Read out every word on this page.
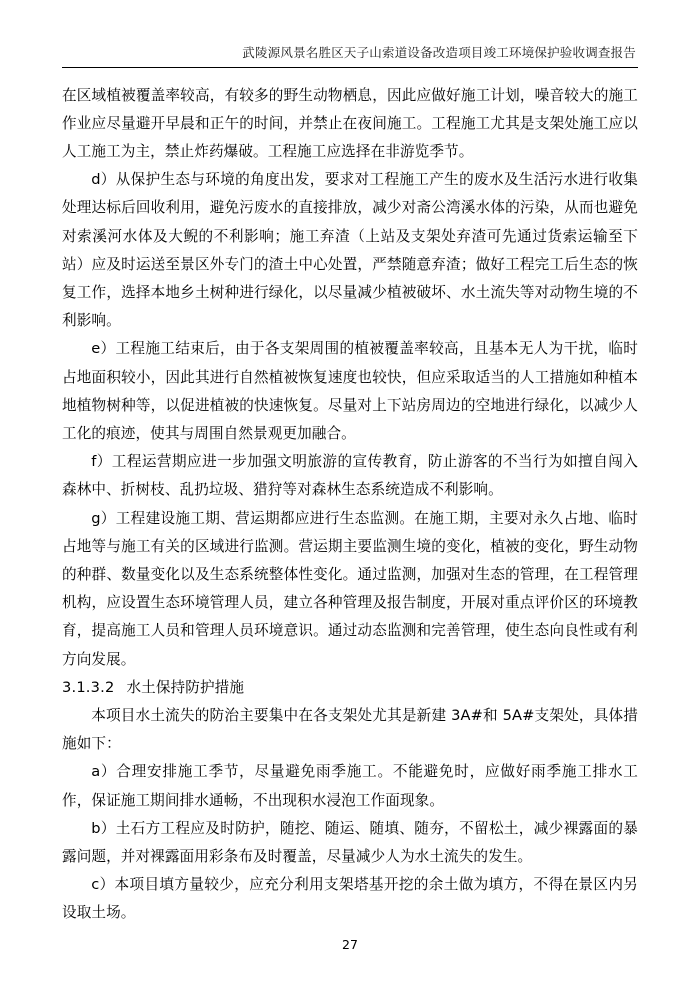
武陵源风景名胜区天子山索道设备改造项目竣工环境保护验收调查报告

在区域植被覆盖率较高，有较多的野生动物栖息，因此应做好施工计划，噪音较大的施工作业应尽量避开早晨和正午的时间，并禁止在夜间施工。工程施工尤其是支架处施工应以人工施工为主，禁止炸药爆破。工程施工应选择在非游览季节。

d）从保护生态与环境的角度出发，要求对工程施工产生的废水及生活污水进行收集处理达标后回收利用，避免污废水的直接排放，减少对斋公湾溪水体的污染，从而也避免对索溪河水体及大鲵的不利影响；施工弃渣（上站及支架处弃渣可先通过货索运输至下站）应及时运送至景区外专门的渣土中心处置，严禁随意弃渣；做好工程完工后生态的恢复工作，选择本地乡土树种进行绿化，以尽量减少植被破坏、水土流失等对动物生境的不利影响。

e）工程施工结束后，由于各支架周围的植被覆盖率较高，且基本无人为干扰，临时占地面积较小，因此其进行自然植被恢复速度也较快，但应采取适当的人工措施如种植本地植物树种等，以促进植被的快速恢复。尽量对上下站房周边的空地进行绿化，以减少人工化的痕迹，使其与周围自然景观更加融合。

f）工程运营期应进一步加强文明旅游的宣传教育，防止游客的不当行为如擅自闯入森林中、折树枝、乱扔垃圾、猎狩等对森林生态系统造成不利影响。

g）工程建设施工期、营运期都应进行生态监测。在施工期，主要对永久占地、临时占地等与施工有关的区域进行监测。营运期主要监测生境的变化，植被的变化，野生动物的种群、数量变化以及生态系统整体性变化。通过监测，加强对生态的管理，在工程管理机构，应设置生态环境管理人员，建立各种管理及报告制度，开展对重点评价区的环境教育，提高施工人员和管理人员环境意识。通过动态监测和完善管理，使生态向良性或有利方向发展。

3.1.3.2 水土保持防护措施

本项目水土流失的防治主要集中在各支架处尤其是新建 3A#和 5A#支架处，具体措施如下：

a）合理安排施工季节，尽量避免雨季施工。不能避免时，应做好雨季施工排水工作，保证施工期间排水通畅，不出现积水浸泡工作面现象。

b）土石方工程应及时防护，随挖、随运、随填、随夯，不留松土，减少裸露面的暴露问题，并对裸露面用彩条布及时覆盖，尽量减少人为水土流失的发生。

c）本项目填方量较少，应充分利用支架塔基开挖的余土做为填方，不得在景区内另设取土场。

27
